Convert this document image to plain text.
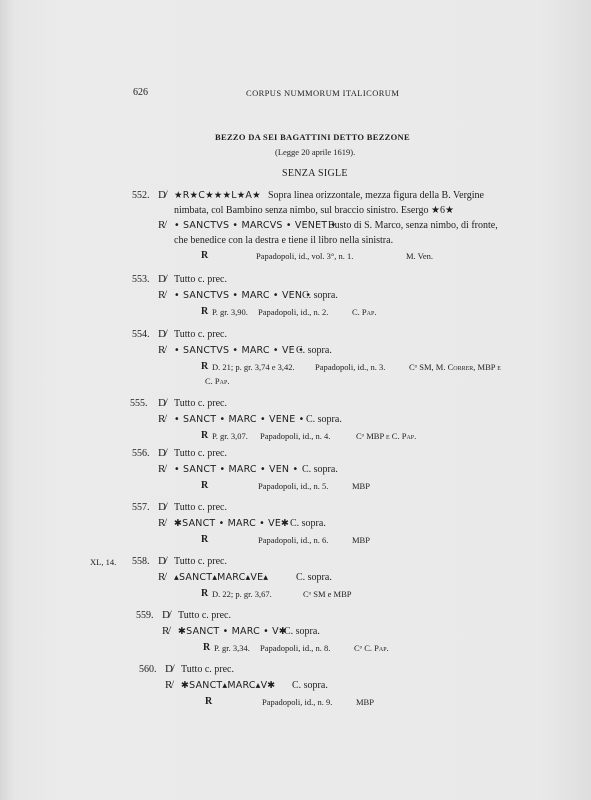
626	CORPUS NUMMORUM ITALICORUM
BEZZO DA SEI BAGATTINI DETTO BEZZONE
(Legge 20 aprile 1619).
SENZA SIGLE
552. D̸ ★R★C★★★L★A★ Sopra linea orizzontale, mezza figura della B. Vergine
nimbata, col Bambino senza nimbo, sul braccio sinistro. Esergo ★6★
R̸ • SANCTVS • MARCVS • VENET •
Busto di S. Marco, senza nimbo, di fronte,
che benedice con la destra e tiene il libro nella sinistra.
R	Papadopoli, id., vol. 3°, n. 1.	M. Ven.
553. D̸ Tutto c. prec.
R̸ • SANCTVS • MARC • VEN •
C. sopra.
R P. gr. 3,90. Papadopoli, id., n. 2.	C. Pap.
554. D̸ Tutto c. prec.
R̸ • SANCTVS • MARC • VE •
C. sopra.
R D. 21; p. gr. 3,74 e 3,42. Papadopoli, id., n. 3.	Cᵒ SM, M. Correr, MBP e
C. Pap.
555. D̸ Tutto c. prec.
R̸ • SANCT • MARC • VENE • C. sopra.
R P. gr. 3,07. Papadopoli, id., n. 4.	Cᵒ MBP e C. Pap.
556. D̸ Tutto c. prec.
R̸ • SANCT • MARC • VEN • C. sopra.
R	Papadopoli, id., n. 5.	MBP
557. D̸ Tutto c. prec.
R̸ ✱SANCT • MARC • VE✱ C. sopra.
R	Papadopoli, id., n. 6.	MBP
XL, 14. 558. D̸ Tutto c. prec.
R̸ ▴SANCT▴MARC▴VE▴	C. sopra.
R D. 22; p. gr. 3,67.	Cᵒ SM e MBP
559. D̸ Tutto c. prec.
R̸ ✱SANCT • MARC • V✱
C. sopra.
R P. gr. 3,34. Papadopoli, id., n. 8.	Cᵒ C. Pap.
560. D̸ Tutto c. prec.
R̸ ✱SANCT▴MARC▴V✱ C. sopra.
R	Papadopoli, id., n. 9.	MBP
